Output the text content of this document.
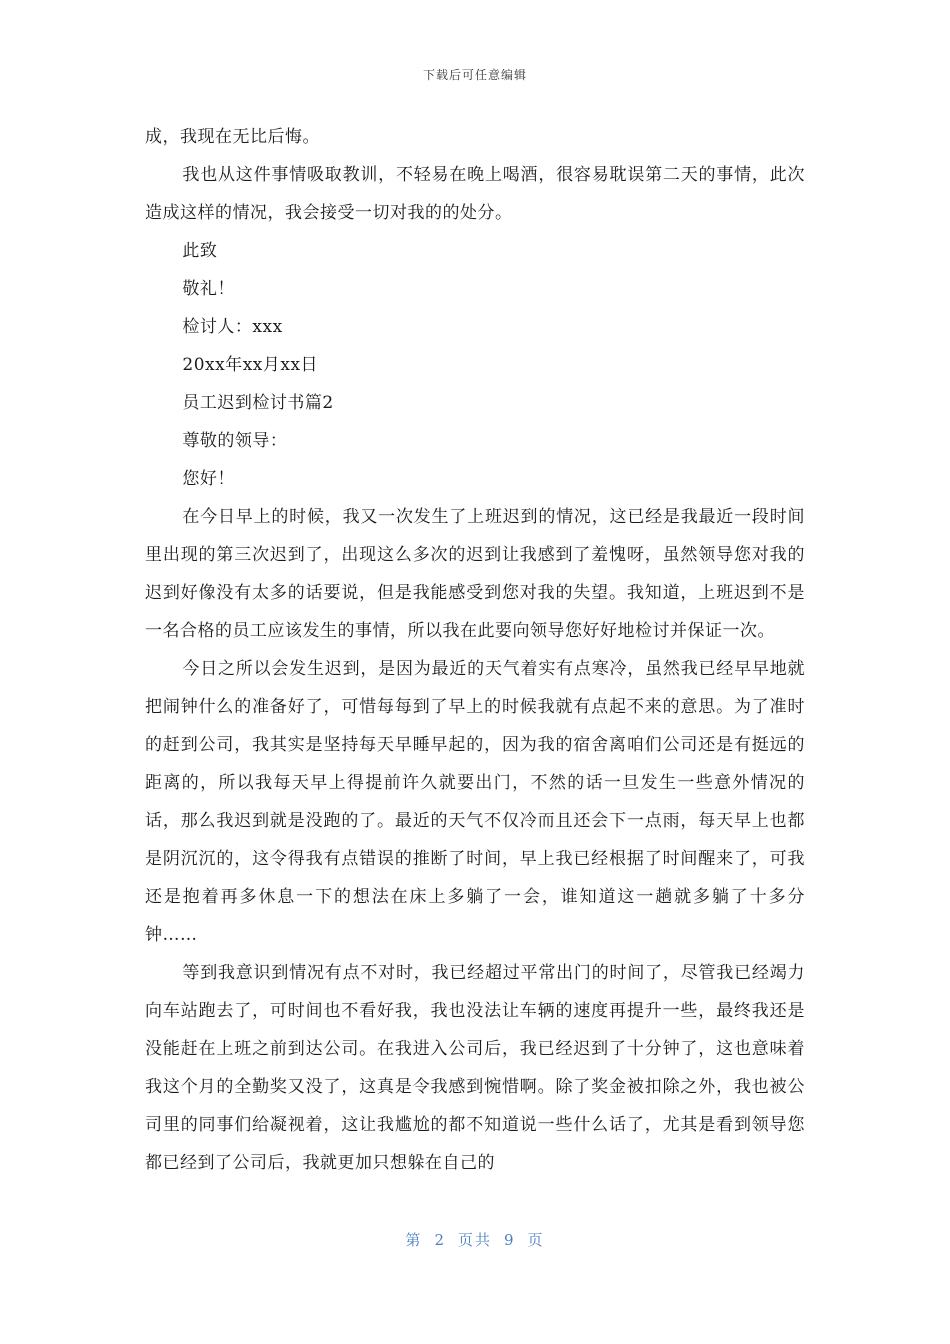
下载后可任意编辑

成，我现在无比后悔。

我也从这件事情吸取教训，不轻易在晚上喝酒，很容易耽误第二天的事情，此次造成这样的情况，我会接受一切对我的的处分。

此致

敬礼！

检讨人：xxx

20xx年xx月xx日

员工迟到检讨书篇2

尊敬的领导：

您好！

在今日早上的时候，我又一次发生了上班迟到的情况，这已经是我最近一段时间里出现的第三次迟到了，出现这么多次的迟到让我感到了羞愧呀，虽然领导您对我的迟到好像没有太多的话要说，但是我能感受到您对我的失望。我知道，上班迟到不是一名合格的员工应该发生的事情，所以我在此要向领导您好好地检讨并保证一次。

今日之所以会发生迟到，是因为最近的天气着实有点寒冷，虽然我已经早早地就把闹钟什么的准备好了，可惜每每到了早上的时候我就有点起不来的意思。为了准时的赶到公司，我其实是坚持每天早睡早起的，因为我的宿舍离咱们公司还是有挺远的距离的，所以我每天早上得提前许久就要出门，不然的话一旦发生一些意外情况的话，那么我迟到就是没跑的了。最近的天气不仅冷而且还会下一点雨，每天早上也都是阴沉沉的，这令得我有点错误的推断了时间，早上我已经根据了时间醒来了，可我还是抱着再多休息一下的想法在床上多躺了一会，谁知道这一趟就多躺了十多分钟……

等到我意识到情况有点不对时，我已经超过平常出门的时间了，尽管我已经竭力向车站跑去了，可时间也不看好我，我也没法让车辆的速度再提升一些，最终我还是没能赶在上班之前到达公司。在我进入公司后，我已经迟到了十分钟了，这也意味着我这个月的全勤奖又没了，这真是令我感到惋惜啊。除了奖金被扣除之外，我也被公司里的同事们给凝视着，这让我尴尬的都不知道说一些什么话了，尤其是看到领导您都已经到了公司后，我就更加只想躲在自己的

第 2 页共 9 页
